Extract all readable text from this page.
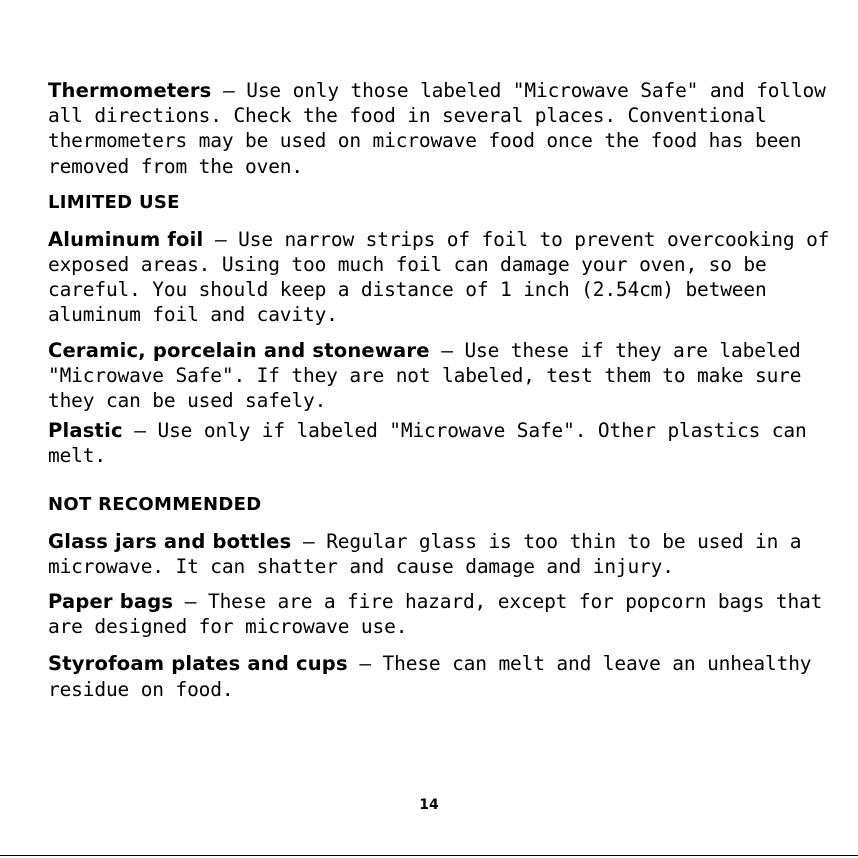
Thermometers — Use only those labeled "Microwave Safe" and follow all directions. Check the food in several places. Conventional thermometers may be used on microwave food once the food has been removed from the oven.

LIMITED USE

Aluminum foil – Use narrow strips of foil to prevent overcooking of exposed areas. Using too much foil can damage your oven, so be careful. You should keep a distance of 1 inch (2.54cm) between aluminum foil and cavity.

Ceramic, porcelain and stoneware – Use these if they are labeled "Microwave Safe". If they are not labeled, test them to make sure they can be used safely.

Plastic — Use only if labeled "Microwave Safe". Other plastics can melt.

NOT RECOMMENDED

Glass jars and bottles — Regular glass is too thin to be used in a microwave. It can shatter and cause damage and injury.

Paper bags – These are a fire hazard, except for popcorn bags that are designed for microwave use.

Styrofoam plates and cups – These can melt and leave an unhealthy residue on food.

14
